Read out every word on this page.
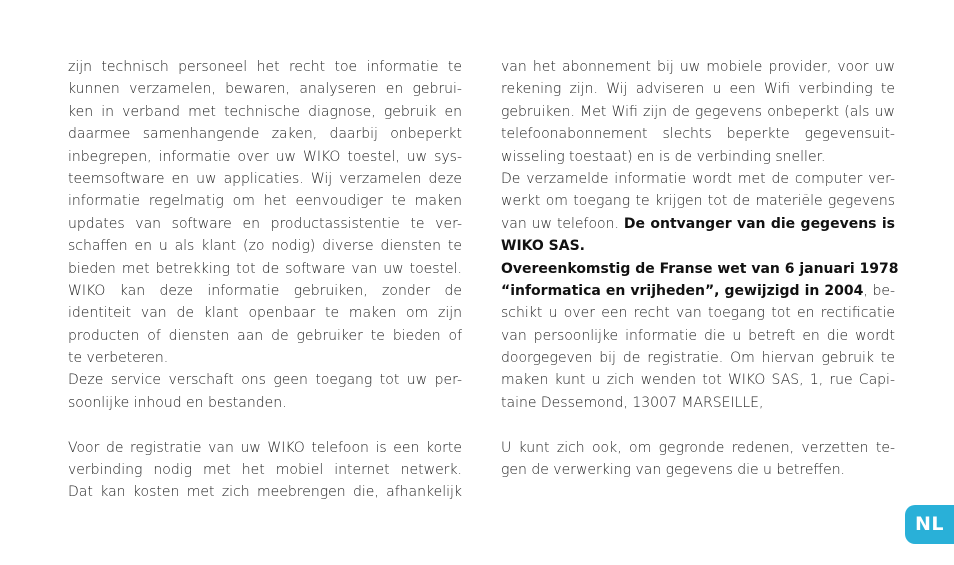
zijn technisch personeel het recht toe informatie te
kunnen verzamelen, bewaren, analyseren en gebrui-
ken in verband met technische diagnose, gebruik en
daarmee samenhangende zaken, daarbij onbeperkt
inbegrepen, informatie over uw WIKO toestel, uw sys-
teemsoftware en uw applicaties. Wij verzamelen deze
informatie regelmatig om het eenvoudiger te maken
updates van software en productassistentie te ver-
schaffen en u als klant (zo nodig) diverse diensten te
bieden met betrekking tot de software van uw toestel.
WIKO kan deze informatie gebruiken, zonder de
identiteit van de klant openbaar te maken om zijn
producten of diensten aan de gebruiker te bieden of
te verbeteren.
Deze service verschaft ons geen toegang tot uw per-
soonlijke inhoud en bestanden.
Voor de registratie van uw WIKO telefoon is een korte
verbinding nodig met het mobiel internet netwerk.
Dat kan kosten met zich meebrengen die, afhankelijk
van het abonnement bij uw mobiele provider, voor uw
rekening zijn. Wij adviseren u een Wifi verbinding te
gebruiken. Met Wifi zijn de gegevens onbeperkt (als uw
telefoonabonnement slechts beperkte gegevensuit-
wisseling toestaat) en is de verbinding sneller.
De verzamelde informatie wordt met de computer ver-
werkt om toegang te krijgen tot de materiële gegevens
van uw telefoon. De ontvanger van die gegevens is
WIKO SAS.
Overeenkomstig de Franse wet van 6 januari 1978
“informatica en vrijheden”, gewijzigd in 2004, be-
schikt u over een recht van toegang tot en rectificatie
van persoonlijke informatie die u betreft en die wordt
doorgegeven bij de registratie. Om hiervan gebruik te
maken kunt u zich wenden tot WIKO SAS, 1, rue Capi-
taine Dessemond, 13007 MARSEILLE,
U kunt zich ook, om gegronde redenen, verzetten te-
gen de verwerking van gegevens die u betreffen.
NL
